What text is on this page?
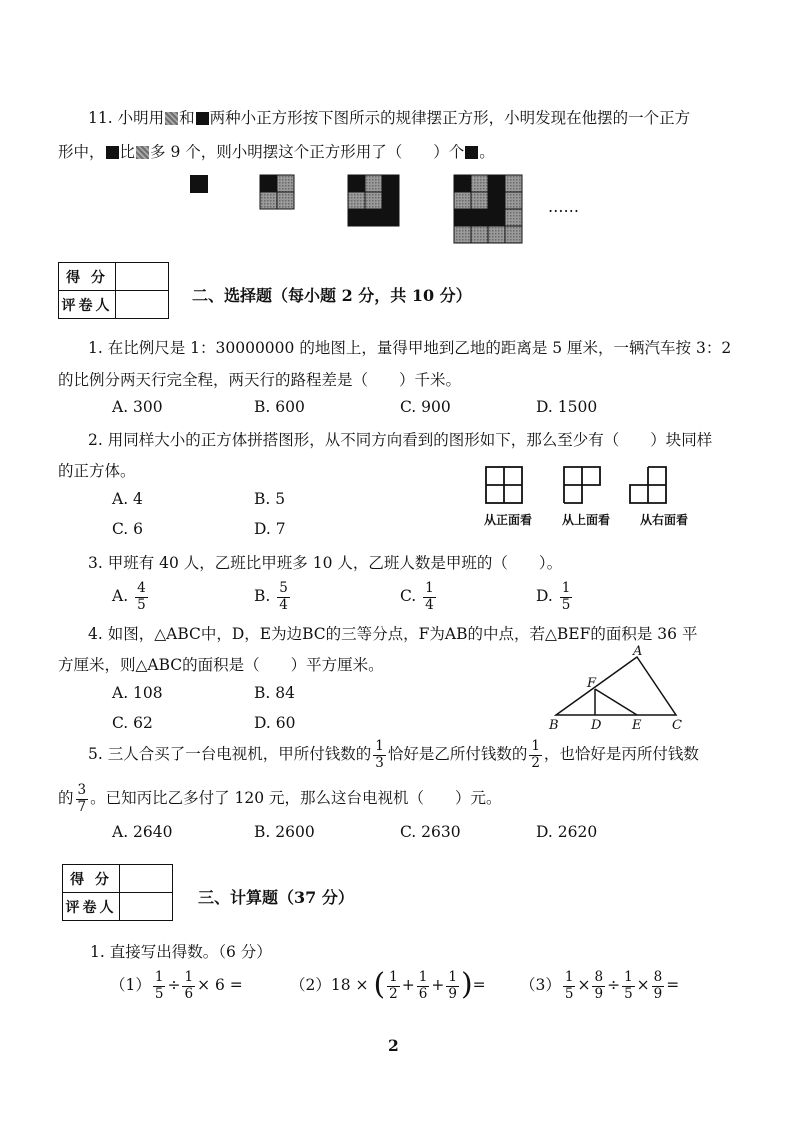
11. 小明用 和 两种小正方形按下图所示的规律摆正方形，小明发现在他摆的一个正方
形中， 比 多 9 个，则小明摆这个正方形用了（　　）个 。
……
得 分	
评卷人	
二、选择题（每小题 2 分，共 10 分）
1. 在比例尺是 1：30000000 的地图上，量得甲地到乙地的距离是 5 厘米，一辆汽车按 3：2
的比例分两天行完全程，两天行的路程差是（　　）千米。
A. 300	B. 600	C. 900	D. 1500
2. 用同样大小的正方体拼搭图形，从不同方向看到的图形如下，那么至少有（　　）块同样
的正方体。
A. 4	B. 5
C. 6	D. 7	从正面看	从上面看	从右面看
3. 甲班有 40 人，乙班比甲班多 10 人，乙班人数是甲班的（　　）。
A. $\frac{4}{5}$	B. $\frac{5}{4}$	C. $\frac{1}{4}$	D. $\frac{1}{5}$
4. 如图，△ABC中，D，E为边BC的三等分点，F为AB的中点，若△BEF的面积是 36 平
方厘米，则△ABC的面积是（　　）平方厘米。
A. 108	B. 84
C. 62	D. 60
A
F
B D E C
5. 三人合买了一台电视机，甲所付钱数的 $\frac{1}{3}$ 恰好是乙所付钱数的 $\frac{1}{2}$ ，也恰好是丙所付钱数
的 $\frac{3}{7}$ 。已知丙比乙多付了 120 元，那么这台电视机（　　）元。
A. 2640	B. 2600	C. 2630	D. 2620
得 分	
评卷人	
三、计算题（37 分）
1. 直接写出得数。（6 分）
$(1) \frac{1}{5} \div \frac{1}{6} \times 6$ =	（2）18 × ( $\frac{1}{2} + \frac{1}{6} + \frac{1}{9}$ )= $(3) \frac{1}{5} \times \frac{8}{9} \div \frac{1}{5} \times \frac{8}{9}$ =
2
